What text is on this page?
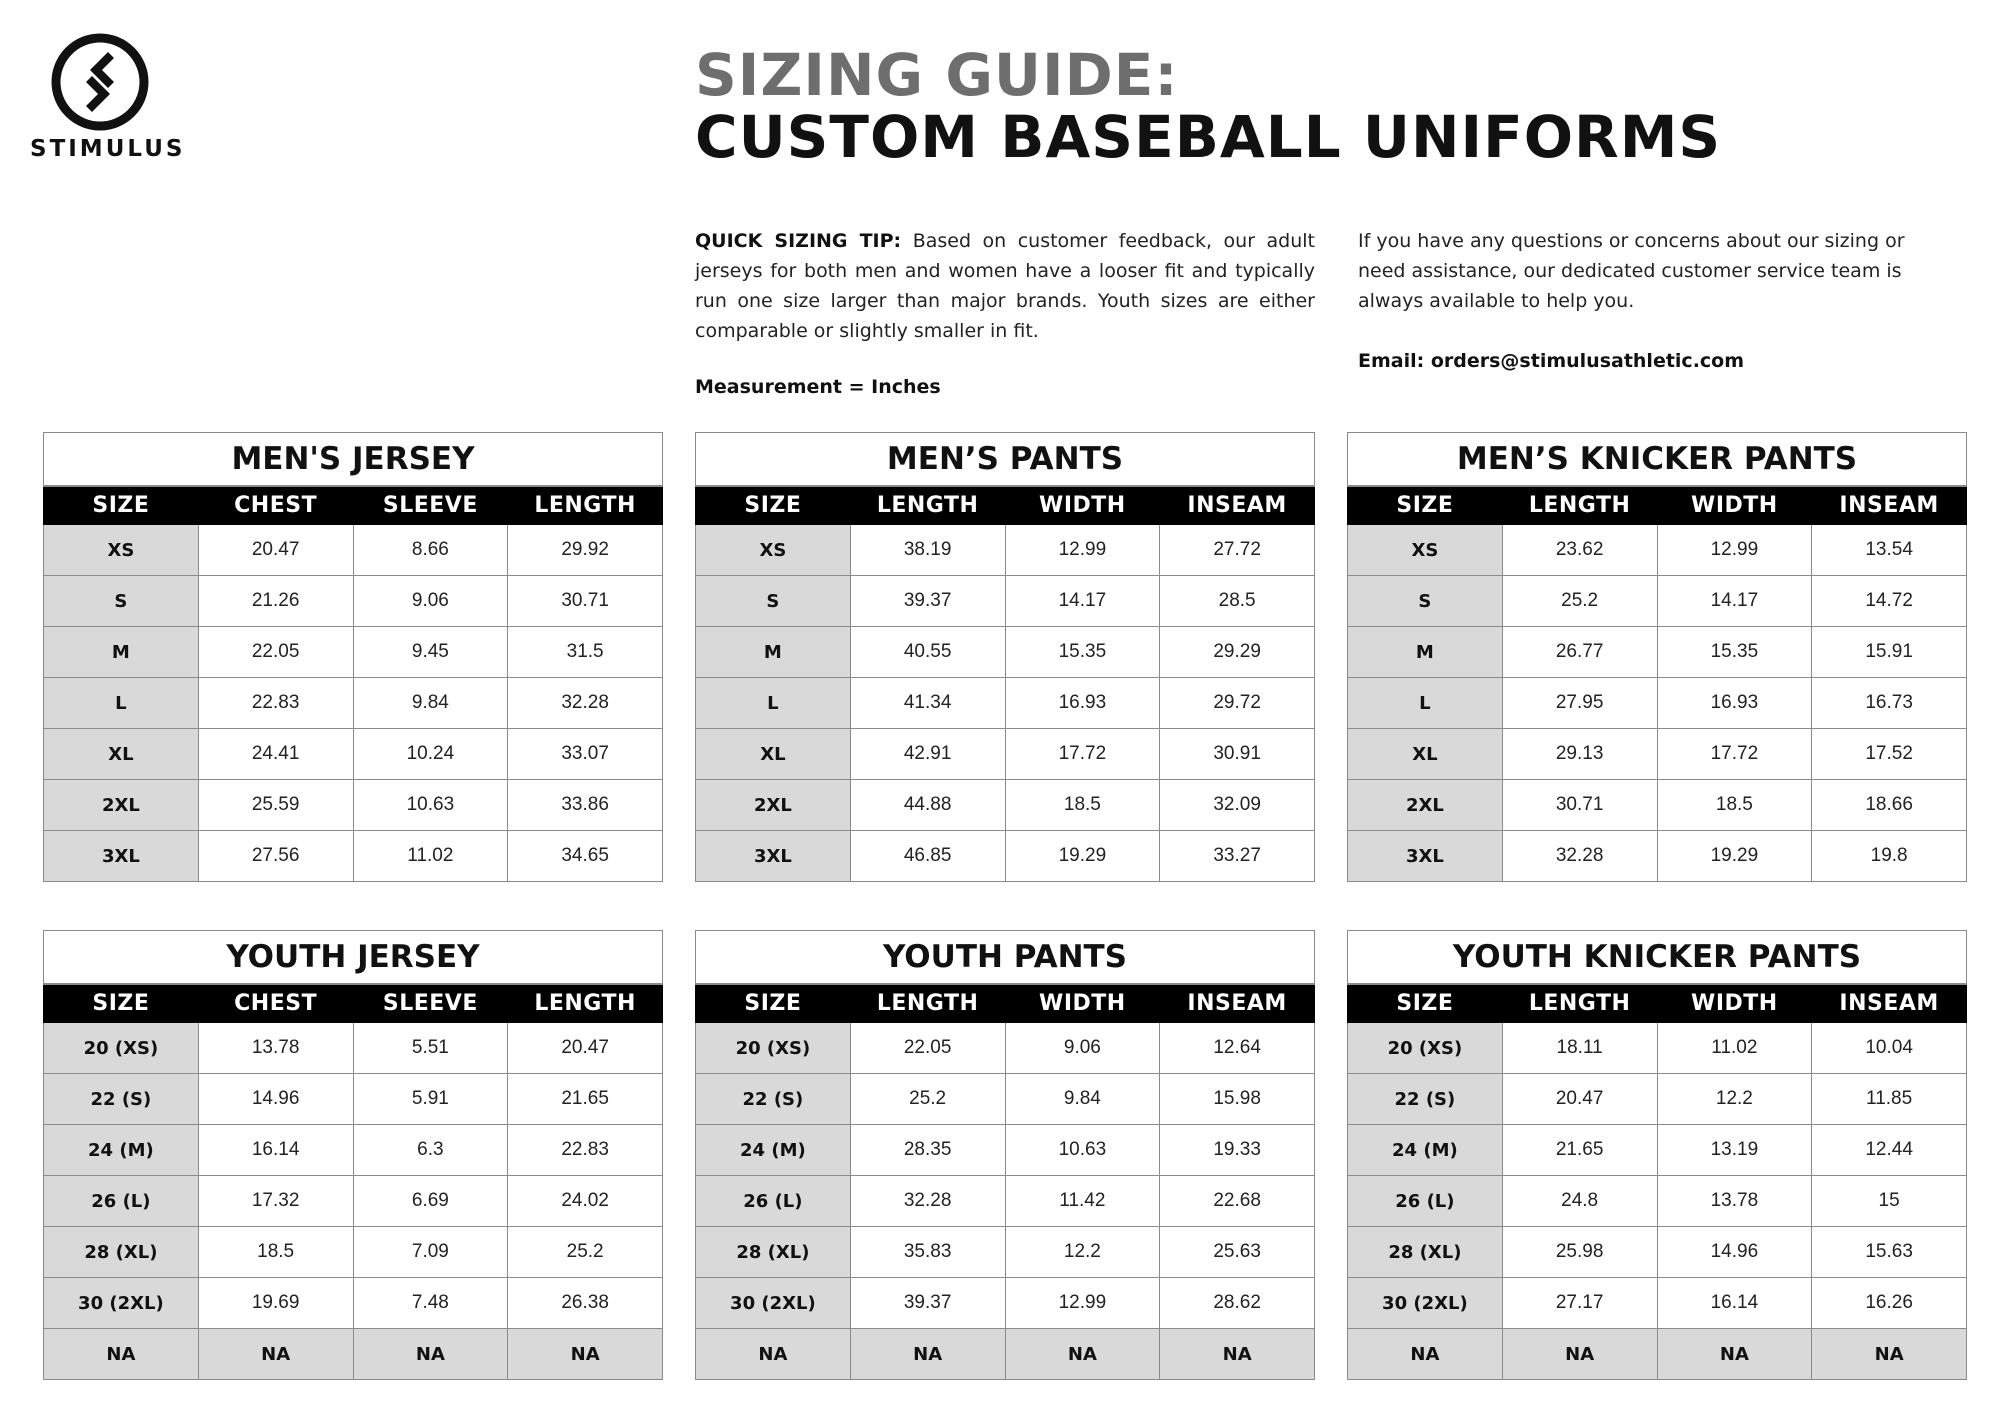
STIMULUS
SIZING GUIDE:
CUSTOM BASEBALL UNIFORMS
QUICK SIZING TIP: Based on customer feedback, our adult jerseys for both men and women have a looser fit and typically run one size larger than major brands. Youth sizes are either comparable or slightly smaller in fit.
Measurement = Inches
If you have any questions or concerns about our sizing or need assistance, our dedicated customer service team is always available to help you.
Email: orders@stimulusathletic.com
MEN'S JERSEY			
SIZE	CHEST	SLEEVE	LENGTH
XS	20.47	8.66	29.92
S	21.26	9.06	30.71
M	22.05	9.45	31.5
L	22.83	9.84	32.28
XL	24.41	10.24	33.07
2XL	25.59	10.63	33.86
3XL	27.56	11.02	34.65
MEN’S PANTS			
SIZE	LENGTH	WIDTH	INSEAM
XS	38.19	12.99	27.72
S	39.37	14.17	28.5
M	40.55	15.35	29.29
L	41.34	16.93	29.72
XL	42.91	17.72	30.91
2XL	44.88	18.5	32.09
3XL	46.85	19.29	33.27
MEN’S KNICKER PANTS			
SIZE	LENGTH	WIDTH	INSEAM
XS	23.62	12.99	13.54
S	25.2	14.17	14.72
M	26.77	15.35	15.91
L	27.95	16.93	16.73
XL	29.13	17.72	17.52
2XL	30.71	18.5	18.66
3XL	32.28	19.29	19.8
YOUTH JERSEY			
SIZE	CHEST	SLEEVE	LENGTH
20 (XS)	13.78	5.51	20.47
22 (S)	14.96	5.91	21.65
24 (M)	16.14	6.3	22.83
26 (L)	17.32	6.69	24.02
28 (XL)	18.5	7.09	25.2
30 (2XL)	19.69	7.48	26.38
NA	NA	NA	NA
YOUTH PANTS			
SIZE	LENGTH	WIDTH	INSEAM
20 (XS)	22.05	9.06	12.64
22 (S)	25.2	9.84	15.98
24 (M)	28.35	10.63	19.33
26 (L)	32.28	11.42	22.68
28 (XL)	35.83	12.2	25.63
30 (2XL)	39.37	12.99	28.62
NA	NA	NA	NA
YOUTH KNICKER PANTS			
SIZE	LENGTH	WIDTH	INSEAM
20 (XS)	18.11	11.02	10.04
22 (S)	20.47	12.2	11.85
24 (M)	21.65	13.19	12.44
26 (L)	24.8	13.78	15
28 (XL)	25.98	14.96	15.63
30 (2XL)	27.17	16.14	16.26
NA	NA	NA	NA
